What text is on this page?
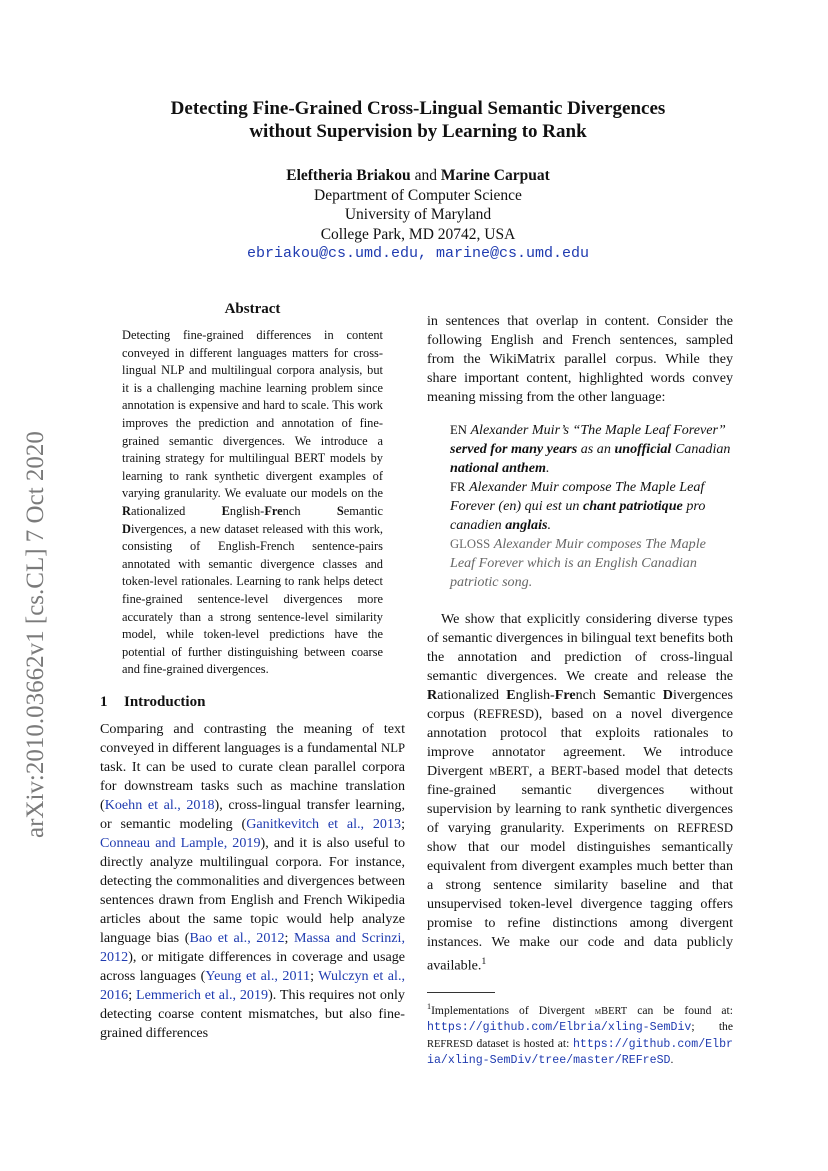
arXiv:2010.03662v1 [cs.CL] 7 Oct 2020
Detecting Fine-Grained Cross-Lingual Semantic Divergences
without Supervision by Learning to Rank
Eleftheria Briakou and Marine Carpuat
Department of Computer Science
University of Maryland
College Park, MD 20742, USA
ebriakou@cs.umd.edu, marine@cs.umd.edu
Abstract
Detecting fine-grained differences in content conveyed in different languages matters for cross-lingual NLP and multilingual corpora analysis, but it is a challenging machine learning problem since annotation is expensive and hard to scale. This work improves the prediction and annotation of fine-grained semantic divergences. We introduce a training strategy for multilingual BERT models by learning to rank synthetic divergent examples of varying granularity. We evaluate our models on the Rationalized English-French Semantic Divergences, a new dataset released with this work, consisting of English-French sentence-pairs annotated with semantic divergence classes and token-level rationales. Learning to rank helps detect fine-grained sentence-level divergences more accurately than a strong sentence-level similarity model, while token-level predictions have the potential of further distinguishing between coarse and fine-grained divergences.
1 Introduction

Comparing and contrasting the meaning of text conveyed in different languages is a fundamental NLP task. It can be used to curate clean parallel corpora for downstream tasks such as machine translation (Koehn et al., 2018), cross-lingual transfer learning, or semantic modeling (Ganitkevitch et al., 2013; Conneau and Lample, 2019), and it is also useful to directly analyze multilingual corpora. For instance, detecting the commonalities and divergences between sentences drawn from English and French Wikipedia articles about the same topic would help analyze language bias (Bao et al., 2012; Massa and Scrinzi, 2012), or mitigate differences in coverage and usage across languages (Yeung et al., 2011; Wulczyn et al., 2016; Lemmerich et al., 2019). This requires not only detecting coarse content mismatches, but also fine-grained differences

in sentences that overlap in content. Consider the following English and French sentences, sampled from the WikiMatrix parallel corpus. While they share important content, highlighted words convey meaning missing from the other language:

EN Alexander Muir’s “The Maple Leaf Forever” served for many years as an unofficial Canadian national anthem.
FR Alexander Muir compose The Maple Leaf Forever (en) qui est un chant patriotique pro canadien anglais.
GLOSS Alexander Muir composes The Maple Leaf Forever which is an English Canadian patriotic song.

We show that explicitly considering diverse types of semantic divergences in bilingual text benefits both the annotation and prediction of cross-lingual semantic divergences. We create and release the Rationalized English-French Semantic Divergences corpus (REFRESD), based on a novel divergence annotation protocol that exploits rationales to improve annotator agreement. We introduce Divergent mBERT, a BERT-based model that detects fine-grained semantic divergences without supervision by learning to rank synthetic divergences of varying granularity. Experiments on REFRESD show that our model distinguishes semantically equivalent from divergent examples much better than a strong sentence similarity baseline and that unsupervised token-level divergence tagging offers promise to refine distinctions among divergent instances. We make our code and data publicly available.$^1$

$^1$Implementations of Divergent mBERT can be found at: https://github.com/Elbria/xling-SemDiv; the REFRESD dataset is hosted at: https://github.com/Elbria/xling-SemDiv/tree/master/REFreSD.
